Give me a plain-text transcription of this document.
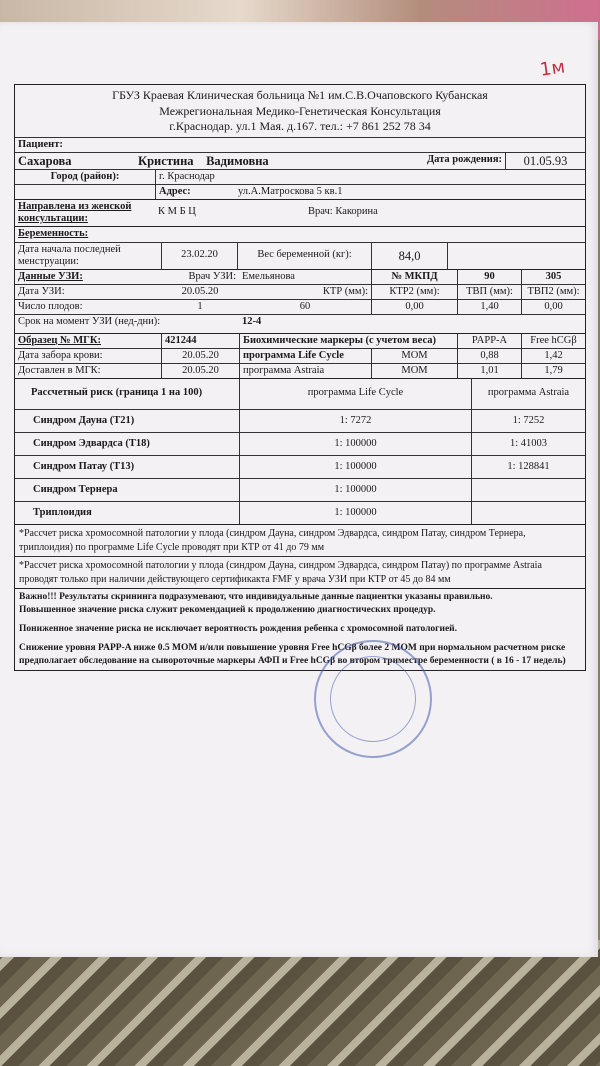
1м
ГБУЗ Краевая Клиническая больница №1 им.С.В.Очаповского Кубанская
Межрегиональная Медико-Генетическая Консультация
г.Краснодар. ул.1 Мая. д.167. тел.: +7 861 252 78 34
Пациент:
Сахарова	Кристина Вадимовна	Дата рождения:	01.05.93
Город (район):	г. Краснодар
Адрес:	ул.А.Матроскова 5 кв.1
Направлена из женской консультации:
К М Б Ц	Врач: Какорина
Беременность:
Дата начала последней менструации:
23.02.20	Вес беременной (кг):	84,0
Данные УЗИ:	Врач УЗИ: Емельянова	№ МКПД	90	305
Дата УЗИ:	20.05.20	КТР (мм):	КТР2 (мм):	ТВП (мм):	ТВП2 (мм):
Число плодов:	1	60	0,00	1,40	0,00
Срок на момент УЗИ (нед-дни):	12-4
Образец № МГК:	421244	Биохимические маркеры (с учетом веса)	PAPP-A	Free hCGβ
Дата забора крови:	20.05.20	программа Life Cycle	МОМ	0,88	1,42
Доставлен в МГК:	20.05.20	программа Astraia	МОМ	1,01	1,79
Рассчетный риск (граница 1 на 100)	программа Life Cycle	программа Astraia
Синдром Дауна (T21)	1: 7272	1: 7252
Синдром Эдвардса (T18)	1: 100000	1: 41003
Синдром Патау (T13)	1: 100000	1: 128841
Синдром Тернера	1: 100000
Триплоидия	1: 100000
*Рассчет риска хромосомной патологии у плода (синдром Дауна, синдром Эдвардса, синдром Патау, синдром Тернера, триплоидия) по программе Life Cycle проводят при КТР от 41 до 79 мм
*Рассчет риска хромосомной патологии у плода (синдром Дауна, синдром Эдвардса, синдром Патау) по программе Astraia проводят только при наличии действующего сертификакта FMF у врача УЗИ при КТР от 45 до 84 мм
Важно!!! Результаты скрининга подразумевают, что индивидуальные данные пациентки указаны правильно.
Повышенное значение риска служит рекомендацией к продолжению диагностических процедур.
Пониженное значение риска не исключает вероятность рождения ребенка с хромосомной патологией.
Снижение уровня PAPP-A ниже 0.5 МОМ и/или повышение уровня Free hCGβ более 2 МОМ при нормальном расчетном риске предполагает обследование на сывороточные маркеры АФП и Free hCGβ во втором триместре беременности ( в 16 - 17 недель)
